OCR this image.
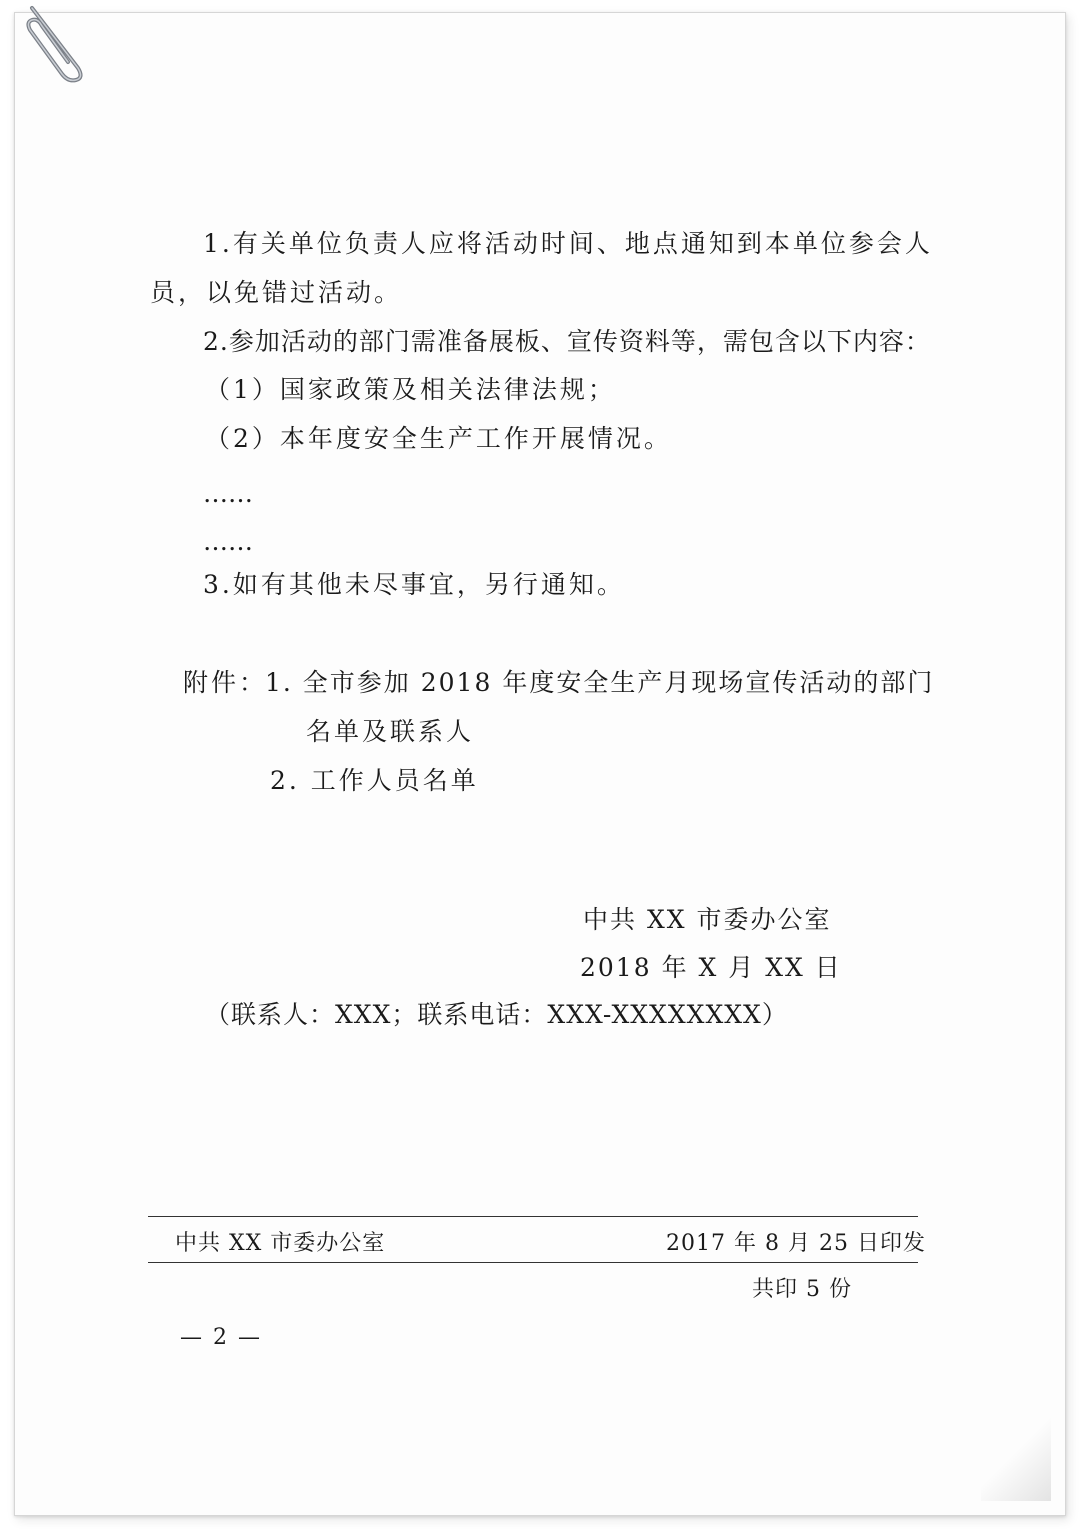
1.有关单位负责人应将活动时间、地点通知到本单位参会人
员，以免错过活动。
2.参加活动的部门需准备展板、宣传资料等，需包含以下内容：
（1）国家政策及相关法律法规；
（2）本年度安全生产工作开展情况。
……
……
3.如有其他未尽事宜，另行通知。
附件：
1. 全市参加 2018 年度安全生产月现场宣传活动的部门
名单及联系人
2. 工作人员名单
中共 XX 市委办公室
2018 年 X 月 XX 日
（联系人：XXX；联系电话：XXX-XXXXXXXX）
中共 XX 市委办公室	2017 年 8 月 25 日印发
共印 5 份
— 2 —
